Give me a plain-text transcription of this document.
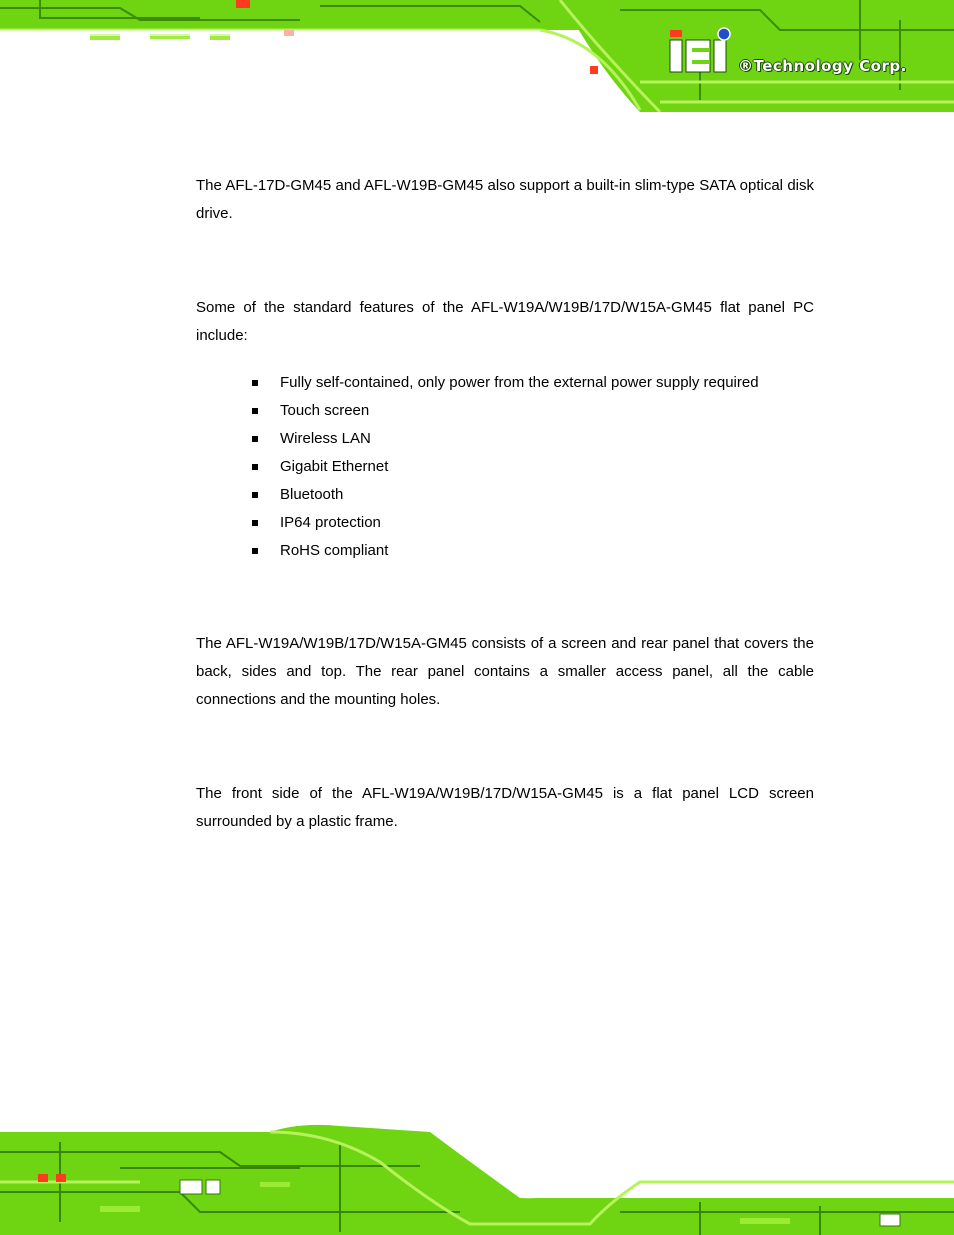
®Technology Corp.

The AFL-17D-GM45 and AFL-W19B-GM45 also support a built-in slim-type SATA optical disk drive.

Some of the standard features of the AFL-W19A/W19B/17D/W15A-GM45 flat panel PC include:

Fully self-contained, only power from the external power supply required
Touch screen
Wireless LAN
Gigabit Ethernet
Bluetooth
IP64 protection
RoHS compliant

The AFL-W19A/W19B/17D/W15A-GM45 consists of a screen and rear panel that covers the back, sides and top. The rear panel contains a smaller access panel, all the cable connections and the mounting holes.

The front side of the AFL-W19A/W19B/17D/W15A-GM45 is a flat panel LCD screen surrounded by a plastic frame.
